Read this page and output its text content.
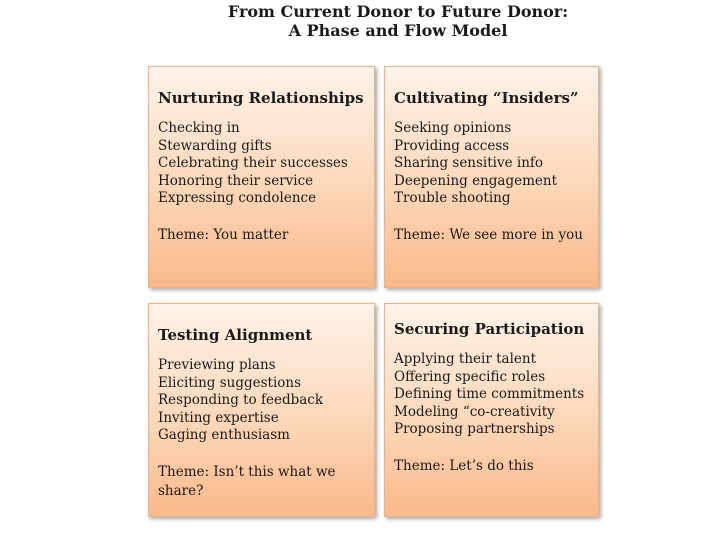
From Current Donor to Future Donor:
A Phase and Flow Model
Nurturing Relationships
Checking in
Stewarding gifts
Celebrating their successes
Honoring their service
Expressing condolence
Theme: You matter
Cultivating “Insiders”
Seeking opinions
Providing access
Sharing sensitive info
Deepening engagement
Trouble shooting
Theme: We see more in you
Testing Alignment
Previewing plans
Eliciting suggestions
Responding to feedback
Inviting expertise
Gaging enthusiasm
Theme: Isn’t this what we share?
Securing Participation
Applying their talent
Offering specific roles
Defining time commitments
Modeling “co-creativity
Proposing partnerships
Theme: Let’s do this
